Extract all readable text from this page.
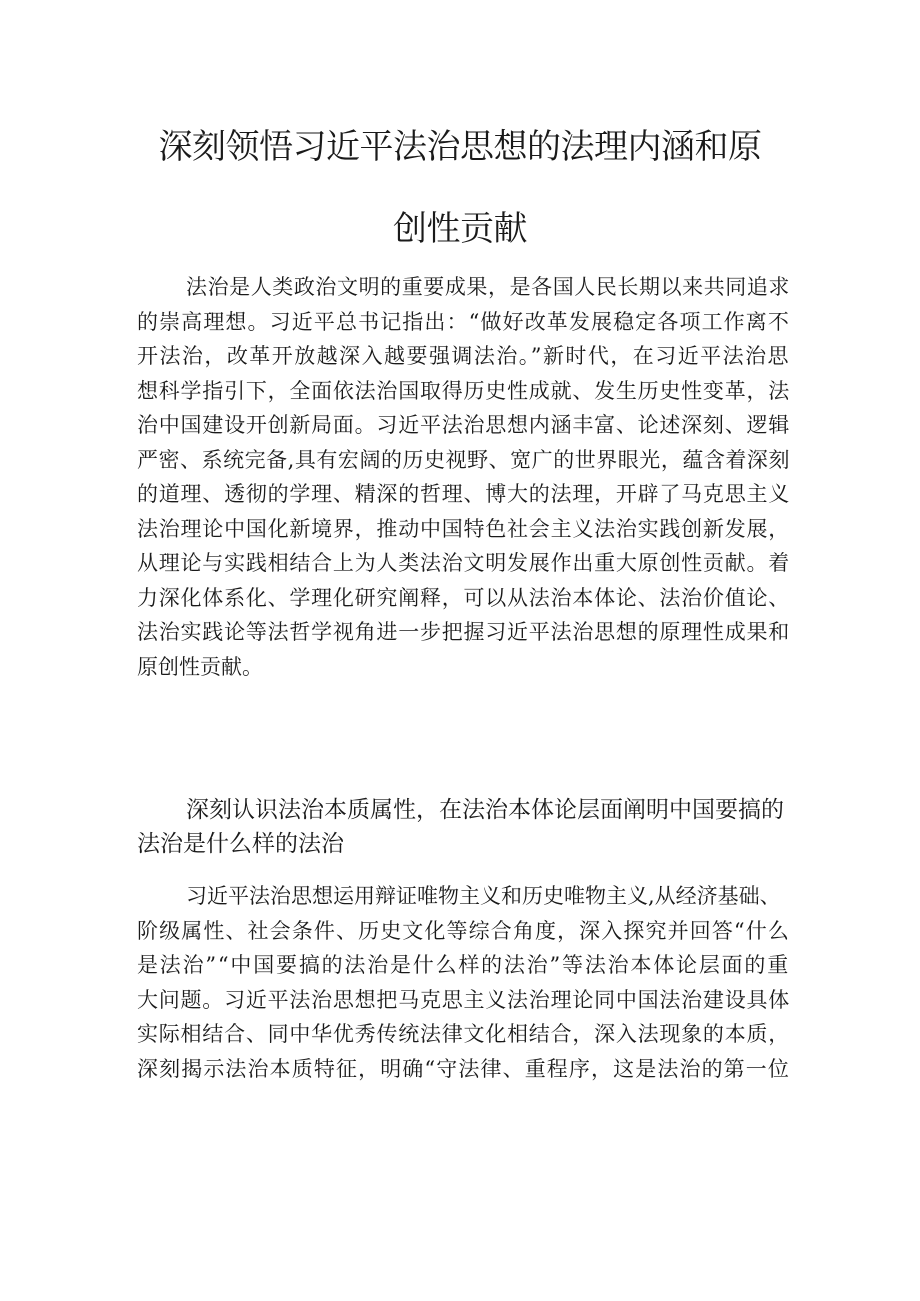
深刻领悟习近平法治思想的法理内涵和原
创性贡献

法治是人类政治文明的重要成果，是各国人民长期以来共同追求

的崇高理想。习近平总书记指出：“做好改革发展稳定各项工作离不

开法治，改革开放越深入越要强调法治。”新时代，在习近平法治思

想科学指引下，全面依法治国取得历史性成就、发生历史性变革，法

治中国建设开创新局面。习近平法治思想内涵丰富、论述深刻、逻辑

严密、系统完备,具有宏阔的历史视野、宽广的世界眼光，蕴含着深刻

的道理、透彻的学理、精深的哲理、博大的法理，开辟了马克思主义

法治理论中国化新境界，推动中国特色社会主义法治实践创新发展，

从理论与实践相结合上为人类法治文明发展作出重大原创性贡献。着

力深化体系化、学理化研究阐释，可以从法治本体论、法治价值论、

法治实践论等法哲学视角进一步把握习近平法治思想的原理性成果和

原创性贡献。

深刻认识法治本质属性，在法治本体论层面阐明中国要搞的

法治是什么样的法治

习近平法治思想运用辩证唯物主义和历史唯物主义,从经济基础、

阶级属性、社会条件、历史文化等综合角度，深入探究并回答“什么

是法治”“中国要搞的法治是什么样的法治”等法治本体论层面的重

大问题。习近平法治思想把马克思主义法治理论同中国法治建设具体

实际相结合、同中华优秀传统法律文化相结合，深入法现象的本质，

深刻揭示法治本质特征，明确“守法律、重程序，这是法治的第一位
